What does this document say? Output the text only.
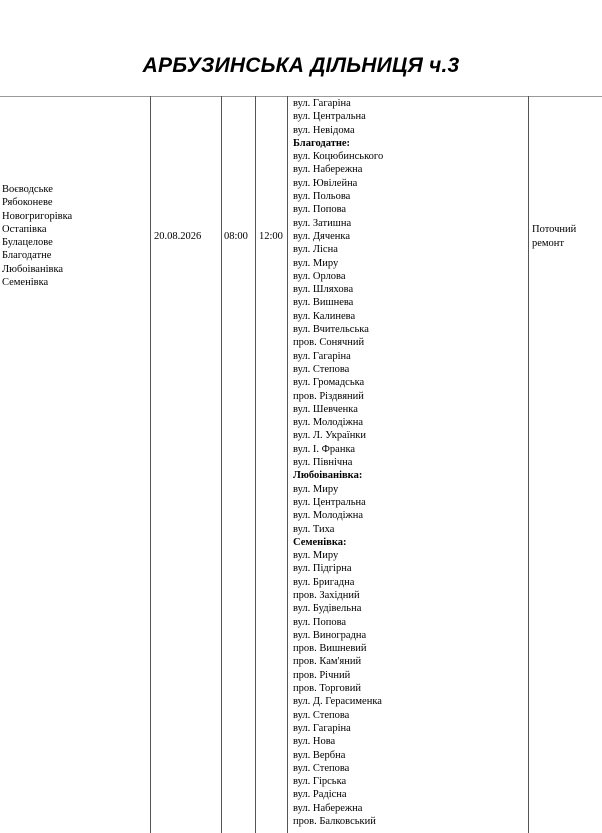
АРБУЗИНСЬКА ДІЛЬНИЦЯ ч.3
Воєводське
Рябоконеве
Новогригорівка
Остапівка
Булацелове
Благодатне
Любоіванівка
Семенівка
20.08.2026 08:00 12:00
вул. Гагаріна
вул. Центральна
вул. Невідома
Благодатне:
вул. Коцюбинського
вул. Набережна
вул. Ювілейна
вул. Польова
вул. Попова
вул. Затишна
вул. Дяченка
вул. Лісна
вул. Миру
вул. Орлова
вул. Шляхова
вул. Вишнева
вул. Калинева
вул. Вчительська
пров. Сонячний
вул. Гагаріна
вул. Степова
вул. Громадська
пров. Різдвяний
вул. Шевченка
вул. Молодіжна
вул. Л. Українки
вул. І. Франка
вул. Північна
Любоіванівка:
вул. Миру
вул. Центральна
вул. Молодіжна
вул. Тиха
Семенівка:
вул. Миру
вул. Підгірна
вул. Бригадна
пров. Західний
вул. Будівельна
вул. Попова
вул. Виноградна
пров. Вишневий
пров. Кам'яний
пров. Річний
пров. Торговий
вул. Д. Герасименка
вул. Степова
вул. Гагаріна
вул. Нова
вул. Вербна
вул. Степова
вул. Гірська
вул. Радісна
вул. Набережна
пров. Балковський
Поточний
ремонт
